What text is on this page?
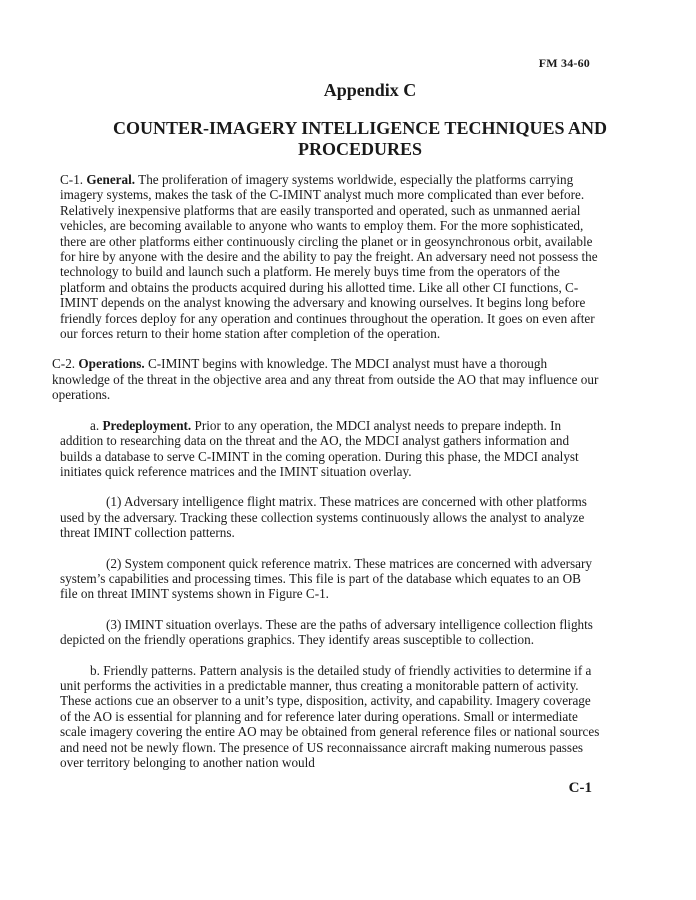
FM 34-60
Appendix C
COUNTER-IMAGERY INTELLIGENCE TECHNIQUES AND PROCEDURES

C-1. General. The proliferation of imagery systems worldwide, especially the platforms carrying imagery systems, makes the task of the C-IMINT analyst much more complicated than ever before. Relatively inexpensive platforms that are easily transported and operated, such as unmanned aerial vehicles, are becoming available to anyone who wants to employ them. For the more sophisticated, there are other platforms either continuously circling the planet or in geosynchronous orbit, available for hire by anyone with the desire and the ability to pay the freight. An adversary need not possess the technology to build and launch such a platform. He merely buys time from the operators of the platform and obtains the products acquired during his allotted time. Like all other CI functions, C-IMINT depends on the analyst knowing the adversary and knowing ourselves. It begins long before friendly forces deploy for any operation and continues throughout the operation. It goes on even after our forces return to their home station after completion of the operation.

C-2. Operations. C-IMINT begins with knowledge. The MDCI analyst must have a thorough knowledge of the threat in the objective area and any threat from outside the AO that may influence our operations.

a. Predeployment. Prior to any operation, the MDCI analyst needs to prepare indepth. In addition to researching data on the threat and the AO, the MDCI analyst gathers information and builds a database to serve C-IMINT in the coming operation. During this phase, the MDCI analyst initiates quick reference matrices and the IMINT situation overlay.

(1) Adversary intelligence flight matrix. These matrices are concerned with other platforms used by the adversary. Tracking these collection systems continuously allows the analyst to analyze threat IMINT collection patterns.

(2) System component quick reference matrix. These matrices are concerned with adversary system’s capabilities and processing times. This file is part of the database which equates to an OB file on threat IMINT systems shown in Figure C-1.

(3) IMINT situation overlays. These are the paths of adversary intelligence collection flights depicted on the friendly operations graphics. They identify areas susceptible to collection.

b. Friendly patterns. Pattern analysis is the detailed study of friendly activities to determine if a unit performs the activities in a predictable manner, thus creating a monitorable pattern of activity. These actions cue an observer to a unit’s type, disposition, activity, and capability. Imagery coverage of the AO is essential for planning and for reference later during operations. Small or intermediate scale imagery covering the entire AO may be obtained from general reference files or national sources and need not be newly flown. The presence of US reconnaissance aircraft making numerous passes over territory belonging to another nation would

C-1
